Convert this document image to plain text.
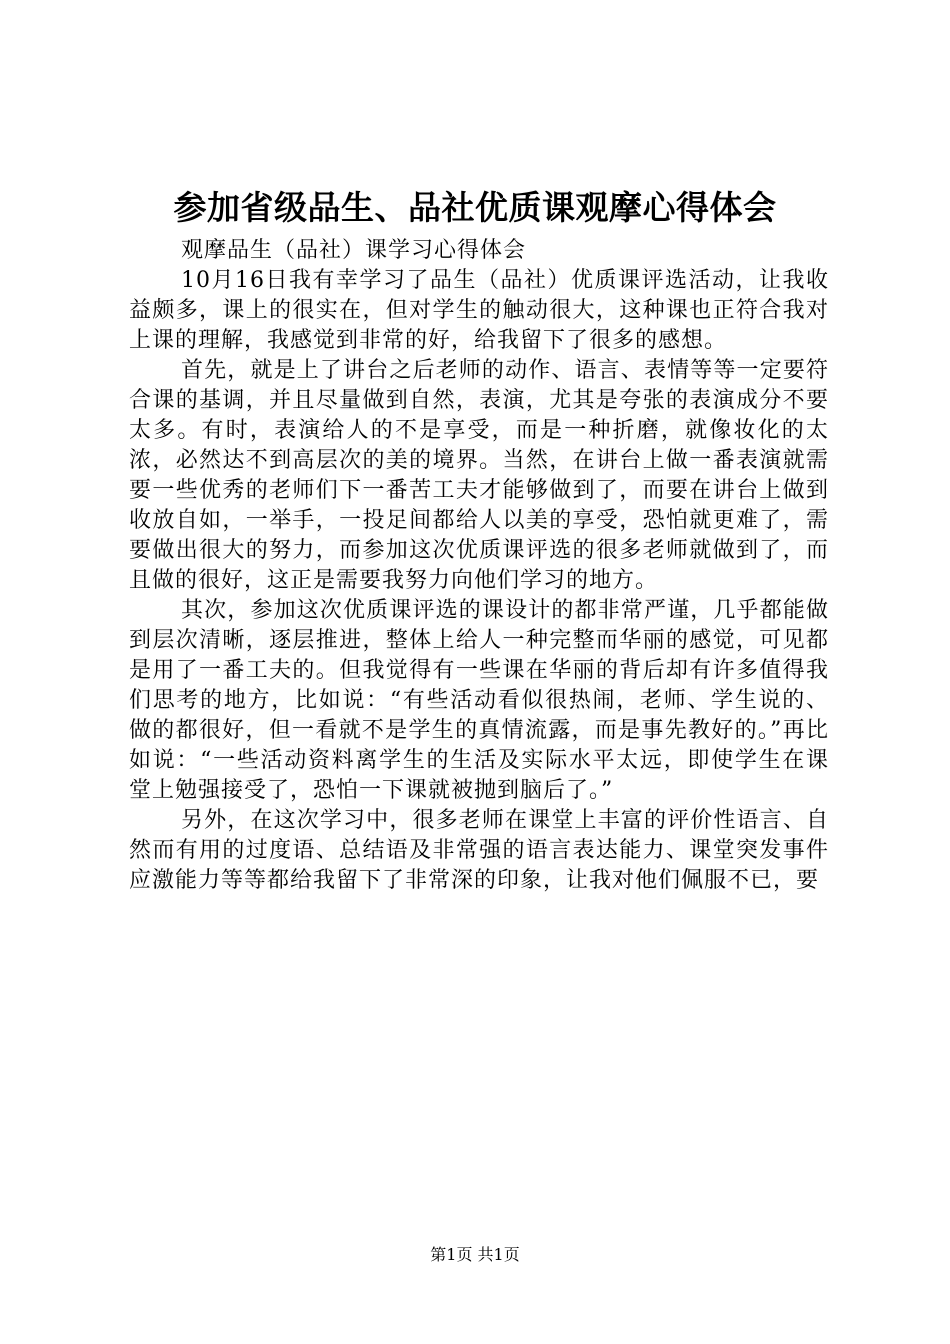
参加省级品生、品社优质课观摩心得体会
观摩品生（品社）课学习心得体会

10月16日我有幸学习了品生（品社）优质课评选活动，让我收益颇多，课上的很实在，但对学生的触动很大，这种课也正符合我对上课的理解，我感觉到非常的好，给我留下了很多的感想。

首先，就是上了讲台之后老师的动作、语言、表情等等一定要符合课的基调，并且尽量做到自然，表演，尤其是夸张的表演成分不要太多。有时，表演给人的不是享受，而是一种折磨，就像妆化的太浓，必然达不到高层次的美的境界。当然，在讲台上做一番表演就需要一些优秀的老师们下一番苦工夫才能够做到了，而要在讲台上做到收放自如，一举手，一投足间都给人以美的享受，恐怕就更难了，需要做出很大的努力，而参加这次优质课评选的很多老师就做到了，而且做的很好，这正是需要我努力向他们学习的地方。

其次，参加这次优质课评选的课设计的都非常严谨，几乎都能做到层次清晰，逐层推进，整体上给人一种完整而华丽的感觉，可见都是用了一番工夫的。但我觉得有一些课在华丽的背后却有许多值得我们思考的地方，比如说：“有些活动看似很热闹，老师、学生说的、做的都很好，但一看就不是学生的真情流露，而是事先教好的。”再比如说：“一些活动资料离学生的生活及实际水平太远，即使学生在课堂上勉强接受了，恐怕一下课就被抛到脑后了。”

另外，在这次学习中，很多老师在课堂上丰富的评价性语言、自然而有用的过度语、总结语及非常强的语言表达能力、课堂突发事件应激能力等等都给我留下了非常深的印象，让我对他们佩服不已，要

第1页 共1页
